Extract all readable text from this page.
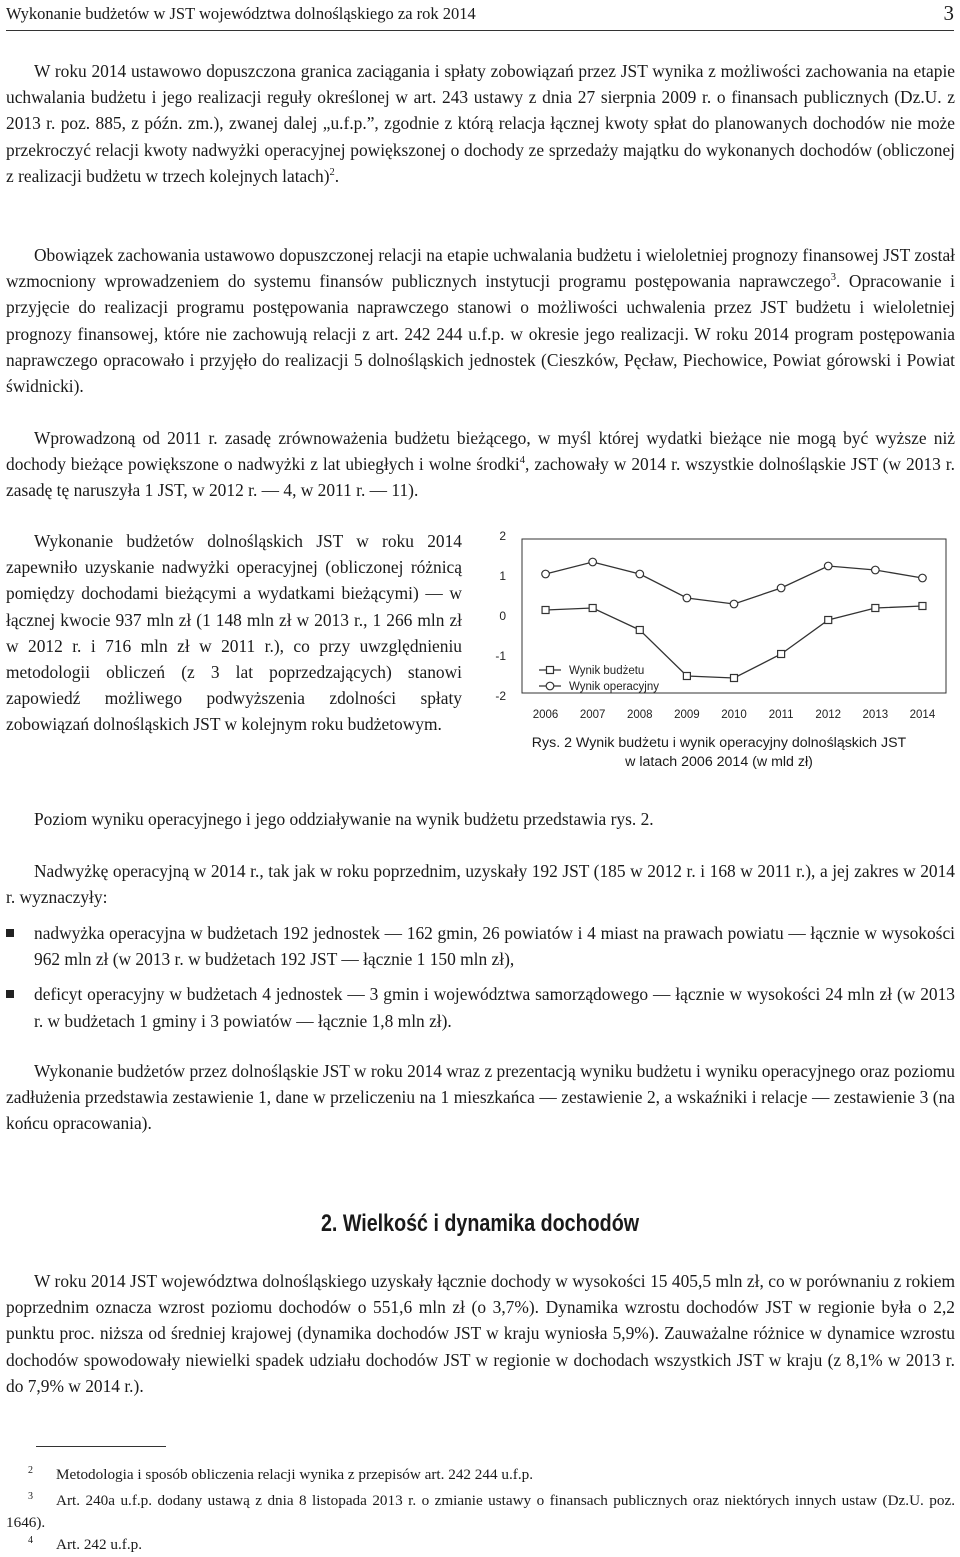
Wykonanie budżetów w JST województwa dolnośląskiego za rok 2014	3

W roku 2014 ustawowo dopuszczona granica zaciągania i spłaty zobowiązań przez JST wynika z możliwości zachowania na etapie uchwalania budżetu i jego realizacji reguły określonej w art. 243 ustawy z dnia 27 sierpnia 2009 r. o finansach publicznych (Dz.U. z 2013 r. poz. 885, z późn. zm.), zwanej dalej „u.f.p.”, zgodnie z którą relacja łącznej kwoty spłat do planowanych dochodów nie może przekroczyć relacji kwoty nadwyżki operacyjnej powiększonej o dochody ze sprzedaży majątku do wykonanych dochodów (obliczonej z realizacji budżetu w trzech kolejnych latach)$^2$.

Obowiązek zachowania ustawowo dopuszczonej relacji na etapie uchwalania budżetu i wieloletniej prognozy finansowej JST został wzmocniony wprowadzeniem do systemu finansów publicznych instytucji programu postępowania naprawczego$^3$. Opracowanie i przyjęcie do realizacji programu postępowania naprawczego stanowi o możliwości uchwalenia przez JST budżetu i wieloletniej prognozy finansowej, które nie zachowują relacji z art. 242 244 u.f.p. w okresie jego realizacji. W roku 2014 program postępowania naprawczego opracowało i przyjęło do realizacji 5 dolnośląskich jednostek (Cieszków, Pęcław, Piechowice, Powiat górowski i Powiat świdnicki).

Wprowadzoną od 2011 r. zasadę zrównoważenia budżetu bieżącego, w myśl której wydatki bieżące nie mogą być wyższe niż dochody bieżące powiększone o nadwyżki z lat ubiegłych i wolne środki$^4$, zachowały w 2014 r. wszystkie dolnośląskie JST (w 2013 r. zasadę tę naruszyła 1 JST, w 2012 r. — 4, w 2011 r. — 11).

Wykonanie budżetów dolnośląskich JST w roku 2014 zapewniło uzyskanie nadwyżki operacyjnej (obliczonej różnicą pomiędzy dochodami bieżącymi a wydatkami bieżącymi) — w łącznej kwocie 937 mln zł (1 148 mln zł w 2013 r., 1 266 mln zł w 2012 r. i 716 mln zł w 2011 r.), co przy uwzględnieniu metodologii obliczeń (z 3 lat poprzedzających) stanowi zapowiedź możliwego podwyższenia zdolności spłaty zobowiązań dolnośląskich JST w kolejnym roku budżetowym.

2
1
0
-1
-2
2006 2007 2008 2009 2010 2011 2012 2013 2014
Wynik budżetu
Wynik operacyjny
Rys. 2 Wynik budżetu i wynik operacyjny dolnośląskich JST
w latach 2006 2014 (w mld zł)

Poziom wyniku operacyjnego i jego oddziaływanie na wynik budżetu przedstawia rys. 2.

Nadwyżkę operacyjną w 2014 r., tak jak w roku poprzednim, uzyskały 192 JST (185 w 2012 r. i 168 w 2011 r.), a jej zakres w 2014 r. wyznaczyły:

nadwyżka operacyjna w budżetach 192 jednostek — 162 gmin, 26 powiatów i 4 miast na prawach powiatu — łącznie w wysokości 962 mln zł (w 2013 r. w budżetach 192 JST — łącznie 1 150 mln zł),
deficyt operacyjny w budżetach 4 jednostek — 3 gmin i województwa samorządowego — łącznie w wysokości 24 mln zł (w 2013 r. w budżetach 1 gminy i 3 powiatów — łącznie 1,8 mln zł).

Wykonanie budżetów przez dolnośląskie JST w roku 2014 wraz z prezentacją wyniku budżetu i wyniku operacyjnego oraz poziomu zadłużenia przedstawia zestawienie 1, dane w przeliczeniu na 1 mieszkańca — zestawienie 2, a wskaźniki i relacje — zestawienie 3 (na końcu opracowania).

2. Wielkość i dynamika dochodów

W roku 2014 JST województwa dolnośląskiego uzyskały łącznie dochody w wysokości 15 405,5 mln zł, co w porównaniu z rokiem poprzednim oznacza wzrost poziomu dochodów o 551,6 mln zł (o 3,7%). Dynamika wzrostu dochodów JST w regionie była o 2,2 punktu proc. niższa od średniej krajowej (dynamika dochodów JST w kraju wyniosła 5,9%). Zauważalne różnice w dynamice wzrostu dochodów spowodowały niewielki spadek udziału dochodów JST w regionie w dochodach wszystkich JST w kraju (z 8,1% w 2013 r. do 7,9% w 2014 r.).

$^2$ Metodologia i sposób obliczenia relacji wynika z przepisów art. 242 244 u.f.p.

$^3$ Art. 240a u.f.p. dodany ustawą z dnia 8 listopada 2013 r. o zmianie ustawy o finansach publicznych oraz niektórych innych ustaw (Dz.U. poz. 1646).

$^4$ Art. 242 u.f.p.
